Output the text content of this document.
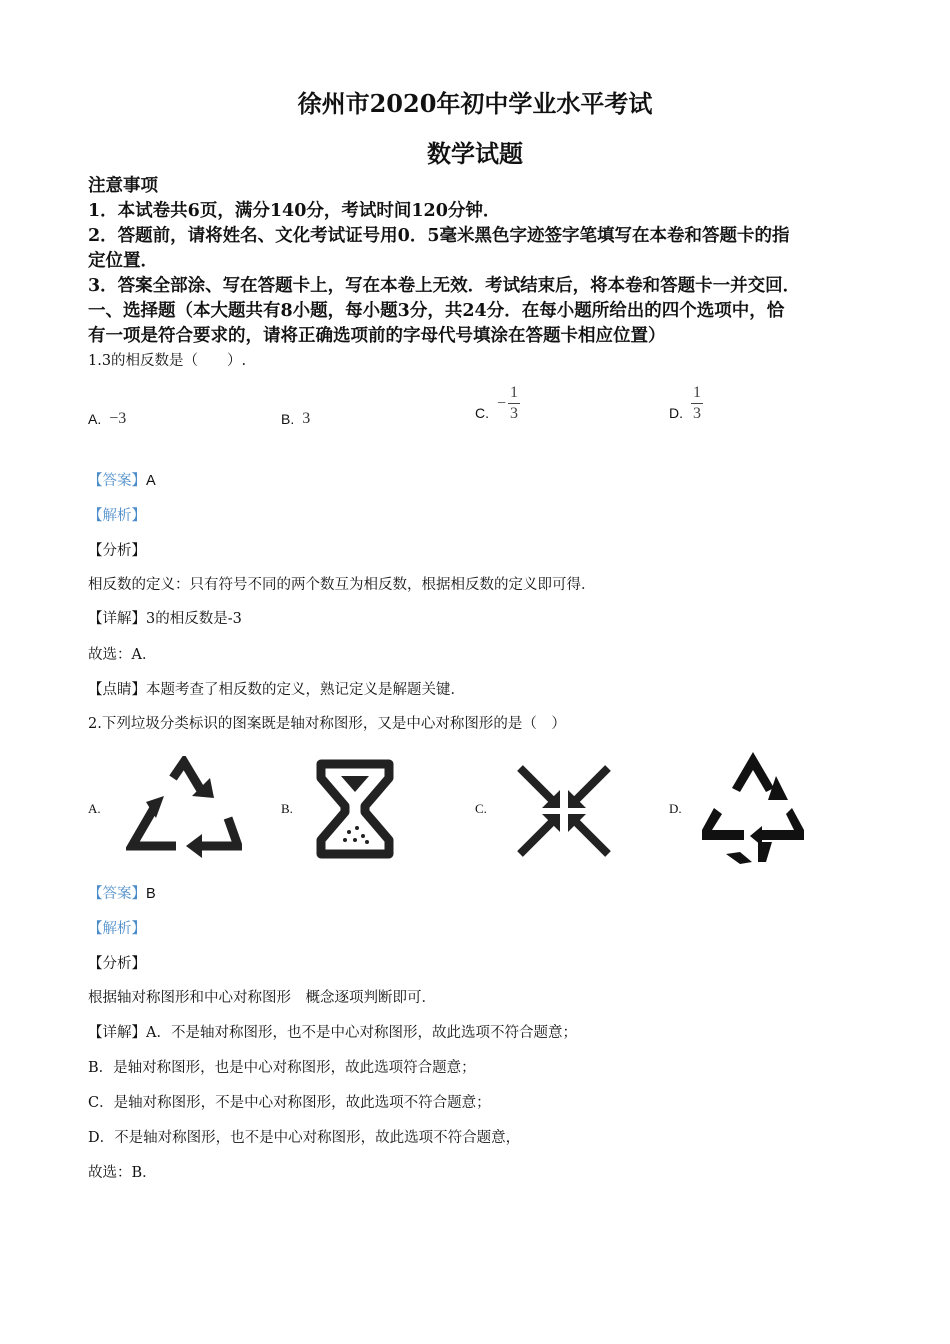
徐州市2020年初中学业水平考试
数学试题
注意事项
1．本试卷共6页，满分140分，考试时间120分钟．
2．答题前，请将姓名、文化考试证号用0．5毫米黑色字迹签字笔填写在本卷和答题卡的指
定位置．
3．答案全部涂、写在答题卡上，写在本卷上无效．考试结束后，将本卷和答题卡一并交回．
一、选择题（本大题共有8小题，每小题3分，共24分．在每小题所给出的四个选项中，恰
有一项是符合要求的，请将正确选项前的字母代号填涂在答题卡相应位置）
1.3的相反数是（　　）.
A. −3	B. 3	C.
− $\frac{1}{3}$	D. $\frac{1}{3}$
【答案】A
【解析】
【分析】
相反数的定义：只有符号不同的两个数互为相反数，根据相反数的定义即可得．
【详解】3的相反数是-3
故选：A．
【点睛】本题考查了相反数的定义，熟记定义是解题关键．
2.下列垃圾分类标识的图案既是轴对称图形，又是中心对称图形的是（　）
A.	B.	C.	D.
【答案】B
【解析】
【分析】
根据轴对称图形和中心对称图形　概念逐项判断即可．
【详解】A．不是轴对称图形，也不是中心对称图形，故此选项不符合题意；
B．是轴对称图形，也是中心对称图形，故此选项符合题意；
C．是轴对称图形，不是中心对称图形，故此选项不符合题意；
D．不是轴对称图形，也不是中心对称图形，故此选项不符合题意，
故选：B．
